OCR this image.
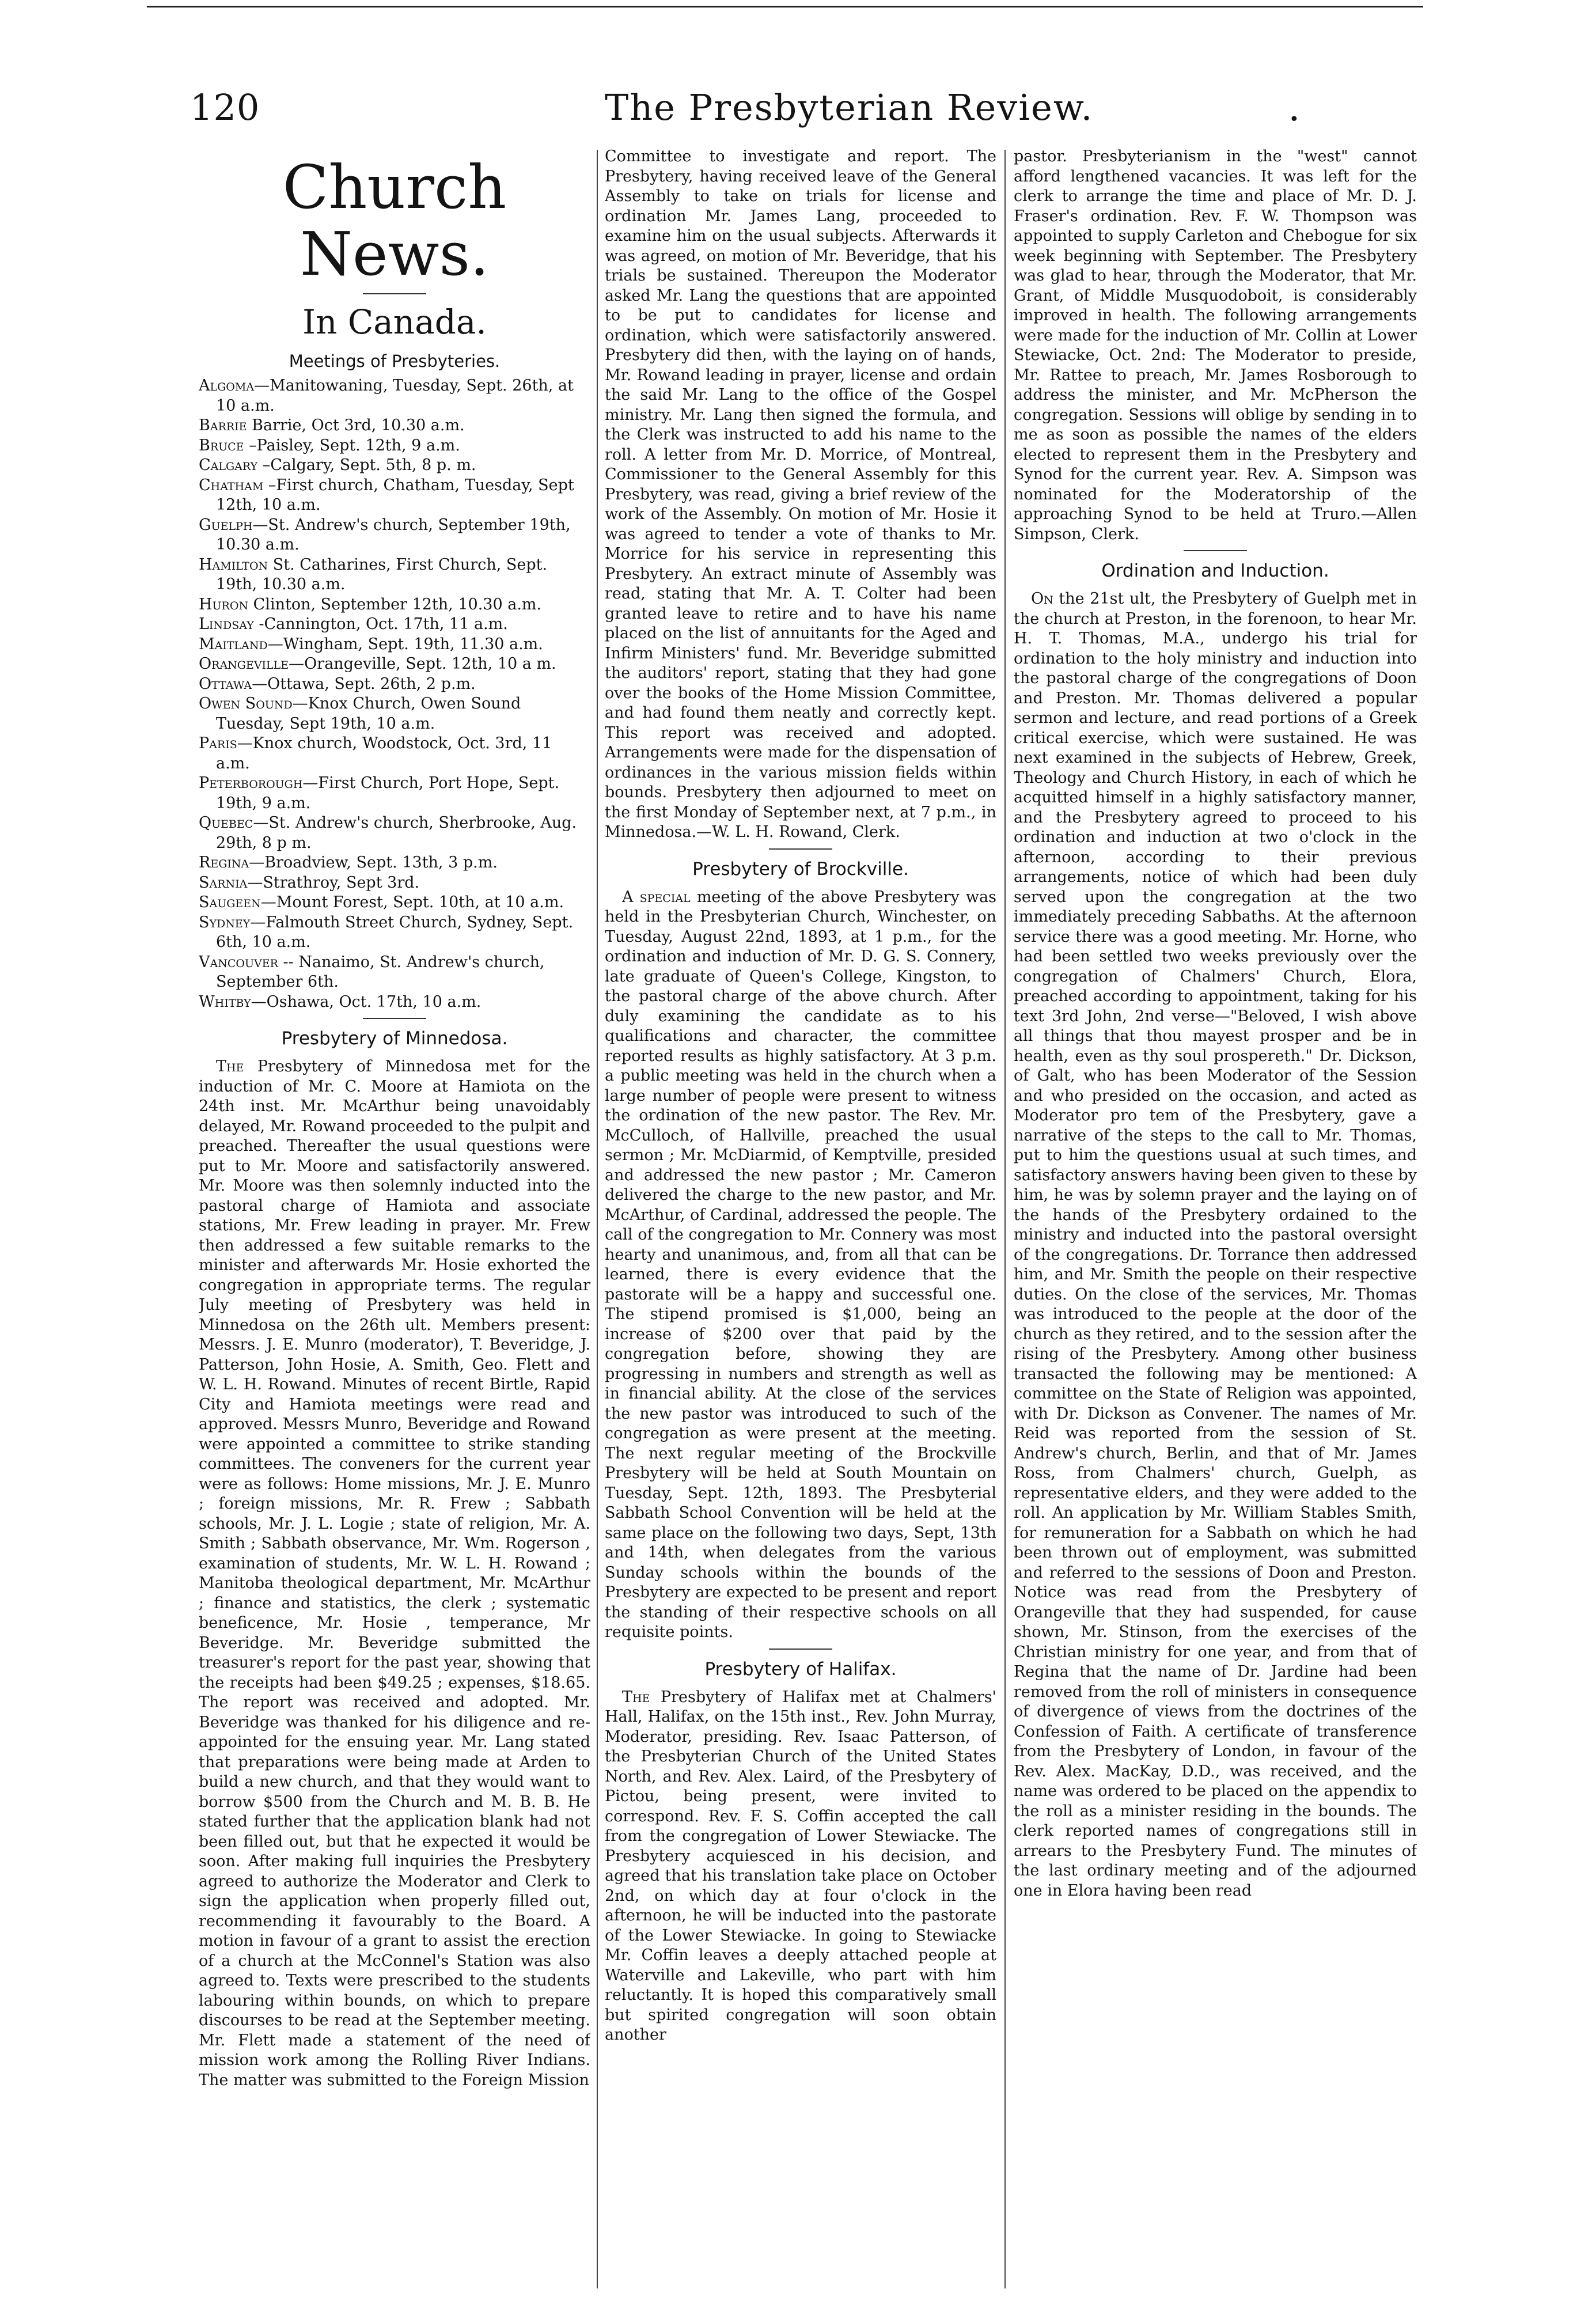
120	The Presbyterian Review.	•
Church News.
In Canada.
Meetings of Presbyteries.
Algoma—Manitowaning, Tuesday, Sept. 26th, at 10 a.m.
Barrie Barrie, Oct 3rd, 10.30 a.m.
Bruce –Paisley, Sept. 12th, 9 a.m.
Calgary –Calgary, Sept. 5th, 8 p. m.
Chatham –First church, Chatham, Tuesday, Sept 12th, 10 a.m.
Guelph—St. Andrew's church, September 19th, 10.30 a.m.
Hamilton St. Catharines, First Church, Sept. 19th, 10.30 a.m.
Huron Clinton, September 12th, 10.30 a.m.
Lindsay -Cannington, Oct. 17th, 11 a.m.
Maitland—Wingham, Sept. 19th, 11.30 a.m.
Orangeville—Orangeville, Sept. 12th, 10 a m.
Ottawa—Ottawa, Sept. 26th, 2 p.m.
Owen Sound—Knox Church, Owen Sound Tuesday, Sept 19th, 10 a.m.
Paris—Knox church, Woodstock, Oct. 3rd, 11 a.m.
Peterborough—First Church, Port Hope, Sept. 19th, 9 a.m.
Quebec—St. Andrew's church, Sherbrooke, Aug. 29th, 8 p m.
Regina—Broadview, Sept. 13th, 3 p.m.
Sarnia—Strathroy, Sept 3rd.
Saugeen—Mount Forest, Sept. 10th, at 10 a.m.
Sydney—Falmouth Street Church, Sydney, Sept. 6th, 10 a.m.
Vancouver -- Nanaimo, St. Andrew's church, September 6th.
Whitby—Oshawa, Oct. 17th, 10 a.m.
Presbytery of Minnedosa.

The Presbytery of Minnedosa met for the induction of Mr. C. Moore at Hamiota on the 24th inst. Mr. McArthur being unavoidably delayed, Mr. Rowand proceeded to the pulpit and preached. Thereafter the usual questions were put to Mr. Moore and satisfactorily answered. Mr. Moore was then solemnly inducted into the pastoral charge of Hamiota and associate stations, Mr. Frew leading in prayer. Mr. Frew then addressed a few suitable remarks to the minister and afterwards Mr. Hosie exhorted the congregation in appropriate terms. The regular July meeting of Presbytery was held in Minnedosa on the 26th ult. Members present: Messrs. J. E. Munro (moderator), T. Beveridge, J. Patterson, John Hosie, A. Smith, Geo. Flett and W. L. H. Rowand. Minutes of recent Birtle, Rapid City and Hamiota meetings were read and approved. Messrs Munro, Beveridge and Rowand were appointed a committee to strike standing committees. The conveners for the current year were as follows: Home missions, Mr. J. E. Munro ; foreign missions, Mr. R. Frew ; Sabbath schools, Mr. J. L. Logie ; state of religion, Mr. A. Smith ; Sabbath observance, Mr. Wm. Rogerson , examination of students, Mr. W. L. H. Rowand ; Manitoba theological department, Mr. McArthur ; finance and statistics, the clerk ; systematic beneficence, Mr. Hosie , temperance, Mr Beveridge. Mr. Beveridge submitted the treasurer's report for the past year, showing that the receipts had been $49.25 ; expenses, $18.65. The report was received and adopted. Mr. Beveridge was thanked for his diligence and re-appointed for the ensuing year. Mr. Lang stated that preparations were being made at Arden to build a new church, and that they would want to borrow $500 from the Church and M. B. B. He stated further that the application blank had not been filled out, but that he expected it would be soon. After making full inquiries the Presbytery agreed to authorize the Moderator and Clerk to sign the application when properly filled out, recommending it favourably to the Board. A motion in favour of a grant to assist the erection of a church at the McConnel's Station was also agreed to. Texts were prescribed to the students labouring within bounds, on which to prepare discourses to be read at the September meeting. Mr. Flett made a statement of the need of mission work among the Rolling River Indians. The matter was submitted to the Foreign Mission

Committee to investigate and report. The Presbytery, having received leave of the General Assembly to take on trials for license and ordination Mr. James Lang, proceeded to examine him on the usual subjects. Afterwards it was agreed, on motion of Mr. Beveridge, that his trials be sustained. Thereupon the Moderator asked Mr. Lang the questions that are appointed to be put to candidates for license and ordination, which were satisfactorily answered. Presbytery did then, with the laying on of hands, Mr. Rowand leading in prayer, license and ordain the said Mr. Lang to the office of the Gospel ministry. Mr. Lang then signed the formula, and the Clerk was instructed to add his name to the roll. A letter from Mr. D. Morrice, of Montreal, Commissioner to the General Assembly for this Presbytery, was read, giving a brief review of the work of the Assembly. On motion of Mr. Hosie it was agreed to tender a vote of thanks to Mr. Morrice for his service in representing this Presbytery. An extract minute of Assembly was read, stating that Mr. A. T. Colter had been granted leave to retire and to have his name placed on the list of annuitants for the Aged and Infirm Ministers' fund. Mr. Beveridge submitted the auditors' report, stating that they had gone over the books of the Home Mission Committee, and had found them neatly and correctly kept. This report was received and adopted. Arrangements were made for the dispensation of ordinances in the various mission fields within bounds. Presbytery then adjourned to meet on the first Monday of September next, at 7 p.m., in Minnedosa.—W. L. H. Rowand, Clerk.

Presbytery of Brockville.

A special meeting of the above Presbytery was held in the Presbyterian Church, Winchester, on Tuesday, August 22nd, 1893, at 1 p.m., for the ordination and induction of Mr. D. G. S. Connery, late graduate of Queen's College, Kingston, to the pastoral charge of the above church. After duly examining the candidate as to his qualifications and character, the committee reported results as highly satisfactory. At 3 p.m. a public meeting was held in the church when a large number of people were present to witness the ordination of the new pastor. The Rev. Mr. McCulloch, of Hallville, preached the usual sermon ; Mr. McDiarmid, of Kemptville, presided and addressed the new pastor ; Mr. Cameron delivered the charge to the new pastor, and Mr. McArthur, of Cardinal, addressed the people. The call of the congregation to Mr. Connery was most hearty and unanimous, and, from all that can be learned, there is every evidence that the pastorate will be a happy and successful one. The stipend promised is $1,000, being an increase of $200 over that paid by the congregation before, showing they are progressing in numbers and strength as well as in financial ability. At the close of the services the new pastor was introduced to such of the congregation as were present at the meeting. The next regular meeting of the Brockville Presbytery will be held at South Mountain on Tuesday, Sept. 12th, 1893. The Presbyterial Sabbath School Convention will be held at the same place on the following two days, Sept, 13th and 14th, when delegates from the various Sunday schools within the bounds of the Presbytery are expected to be present and report the standing of their respective schools on all requisite points.

Presbytery of Halifax.

The Presbytery of Halifax met at Chalmers' Hall, Halifax, on the 15th inst., Rev. John Murray, Moderator, presiding. Rev. Isaac Patterson, of the Presbyterian Church of the United States North, and Rev. Alex. Laird, of the Presbytery of Pictou, being present, were invited to correspond. Rev. F. S. Coffin accepted the call from the congregation of Lower Stewiacke. The Presbytery acquiesced in his decision, and agreed that his translation take place on October 2nd, on which day at four o'clock in the afternoon, he will be inducted into the pastorate of the Lower Stewiacke. In going to Stewiacke Mr. Coffin leaves a deeply attached people at Waterville and Lakeville, who part with him reluctantly. It is hoped this comparatively small but spirited congregation will soon obtain another

pastor. Presbyterianism in the "west" cannot afford lengthened vacancies. It was left for the clerk to arrange the time and place of Mr. D. J. Fraser's ordination. Rev. F. W. Thompson was appointed to supply Carleton and Chebogue for six week beginning with September. The Presbytery was glad to hear, through the Moderator, that Mr. Grant, of Middle Musquodoboit, is considerably improved in health. The following arrangements were made for the induction of Mr. Collin at Lower Stewiacke, Oct. 2nd: The Moderator to preside, Mr. Rattee to preach, Mr. James Rosborough to address the minister, and Mr. McPherson the congregation. Sessions will oblige by sending in to me as soon as possible the names of the elders elected to represent them in the Presbytery and Synod for the current year. Rev. A. Simpson was nominated for the Moderatorship of the approaching Synod to be held at Truro.—Allen Simpson, Clerk.

Ordination and Induction.

On the 21st ult, the Presbytery of Guelph met in the church at Preston, in the forenoon, to hear Mr. H. T. Thomas, M.A., undergo his trial for ordination to the holy ministry and induction into the pastoral charge of the congregations of Doon and Preston. Mr. Thomas delivered a popular sermon and lecture, and read portions of a Greek critical exercise, which were sustained. He was next examined in the subjects of Hebrew, Greek, Theology and Church History, in each of which he acquitted himself in a highly satisfactory manner, and the Presbytery agreed to proceed to his ordination and induction at two o'clock in the afternoon, according to their previous arrangements, notice of which had been duly served upon the congregation at the two immediately preceding Sabbaths. At the afternoon service there was a good meeting. Mr. Horne, who had been settled two weeks previously over the congregation of Chalmers' Church, Elora, preached according to appointment, taking for his text 3rd John, 2nd verse—"Beloved, I wish above all things that thou mayest prosper and be in health, even as thy soul prospereth." Dr. Dickson, of Galt, who has been Moderator of the Session and who presided on the occasion, and acted as Moderator pro tem of the Presbytery, gave a narrative of the steps to the call to Mr. Thomas, put to him the questions usual at such times, and satisfactory answers having been given to these by him, he was by solemn prayer and the laying on of the hands of the Presbytery ordained to the ministry and inducted into the pastoral oversight of the congregations. Dr. Torrance then addressed him, and Mr. Smith the people on their respective duties. On the close of the services, Mr. Thomas was introduced to the people at the door of the church as they retired, and to the session after the rising of the Presbytery. Among other business transacted the following may be mentioned: A committee on the State of Religion was appointed, with Dr. Dickson as Convener. The names of Mr. Reid was reported from the session of St. Andrew's church, Berlin, and that of Mr. James Ross, from Chalmers' church, Guelph, as representative elders, and they were added to the roll. An application by Mr. William Stables Smith, for remuneration for a Sabbath on which he had been thrown out of employment, was submitted and referred to the sessions of Doon and Preston. Notice was read from the Presbytery of Orangeville that they had suspended, for cause shown, Mr. Stinson, from the exercises of the Christian ministry for one year, and from that of Regina that the name of Dr. Jardine had been removed from the roll of ministers in consequence of divergence of views from the doctrines of the Confession of Faith. A certificate of transference from the Presbytery of London, in favour of the Rev. Alex. MacKay, D.D., was received, and the name was ordered to be placed on the appendix to the roll as a minister residing in the bounds. The clerk reported names of congregations still in arrears to the Presbytery Fund. The minutes of the last ordinary meeting and of the adjourned one in Elora having been read
